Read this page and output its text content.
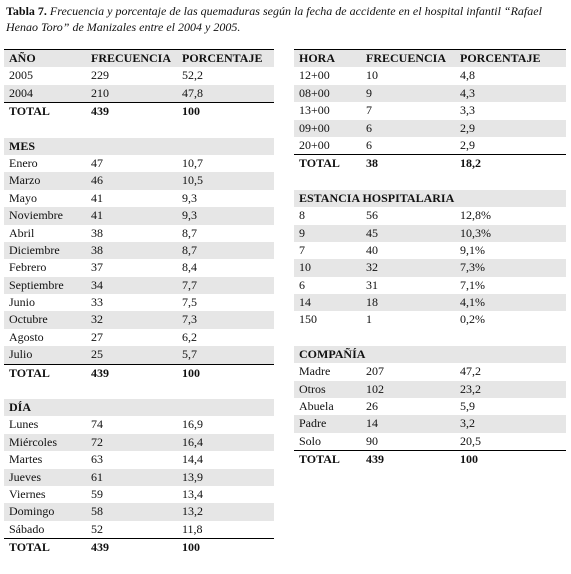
Tabla 7. Frecuencia y porcentaje de las quemaduras según la fecha de accidente en el hospital infantil “Rafael Henao Toro” de Manizales entre el 2004 y 2005.
AÑO	FRECUENCIA PORCENTAJE
2005	229	52,2
2004	210	47,8
TOTAL	439	100
MES
Enero	47	10,7
Marzo	46	10,5
Mayo	41	9,3
Noviembre 41	9,3
Abril	38	8,7
Diciembre	38	8,7
Febrero	37	8,4
Septiembre 34	7,7
Junio	33	7,5
Octubre	32	7,3
Agosto	27	6,2
Julio	25	5,7
TOTAL	439	100
DÍA
Lunes	74	16,9
Miércoles	72	16,4
Martes	63	14,4
Jueves	61	13,9
Viernes	59	13,4
Domingo	58	13,2
Sábado	52	11,8
TOTAL	439	100
HORA	FRECUENCIA PORCENTAJE
12+00	10	4,8
08+00	9	4,3
13+00	7	3,3
09+00	6	2,9
20+00	6	2,9
TOTAL 38	18,2
ESTANCIA HOSPITALARIA
8	56	12,8%
9	45	10,3%
7	40	9,1%
10	32	7,3%
6	31	7,1%
14	18	4,1%
150	1	0,2%
COMPAÑÍA
Madre	207	47,2
Otros	102	23,2
Abuela	26	5,9
Padre	14	3,2
Solo	90	20,5
TOTAL 439	100
